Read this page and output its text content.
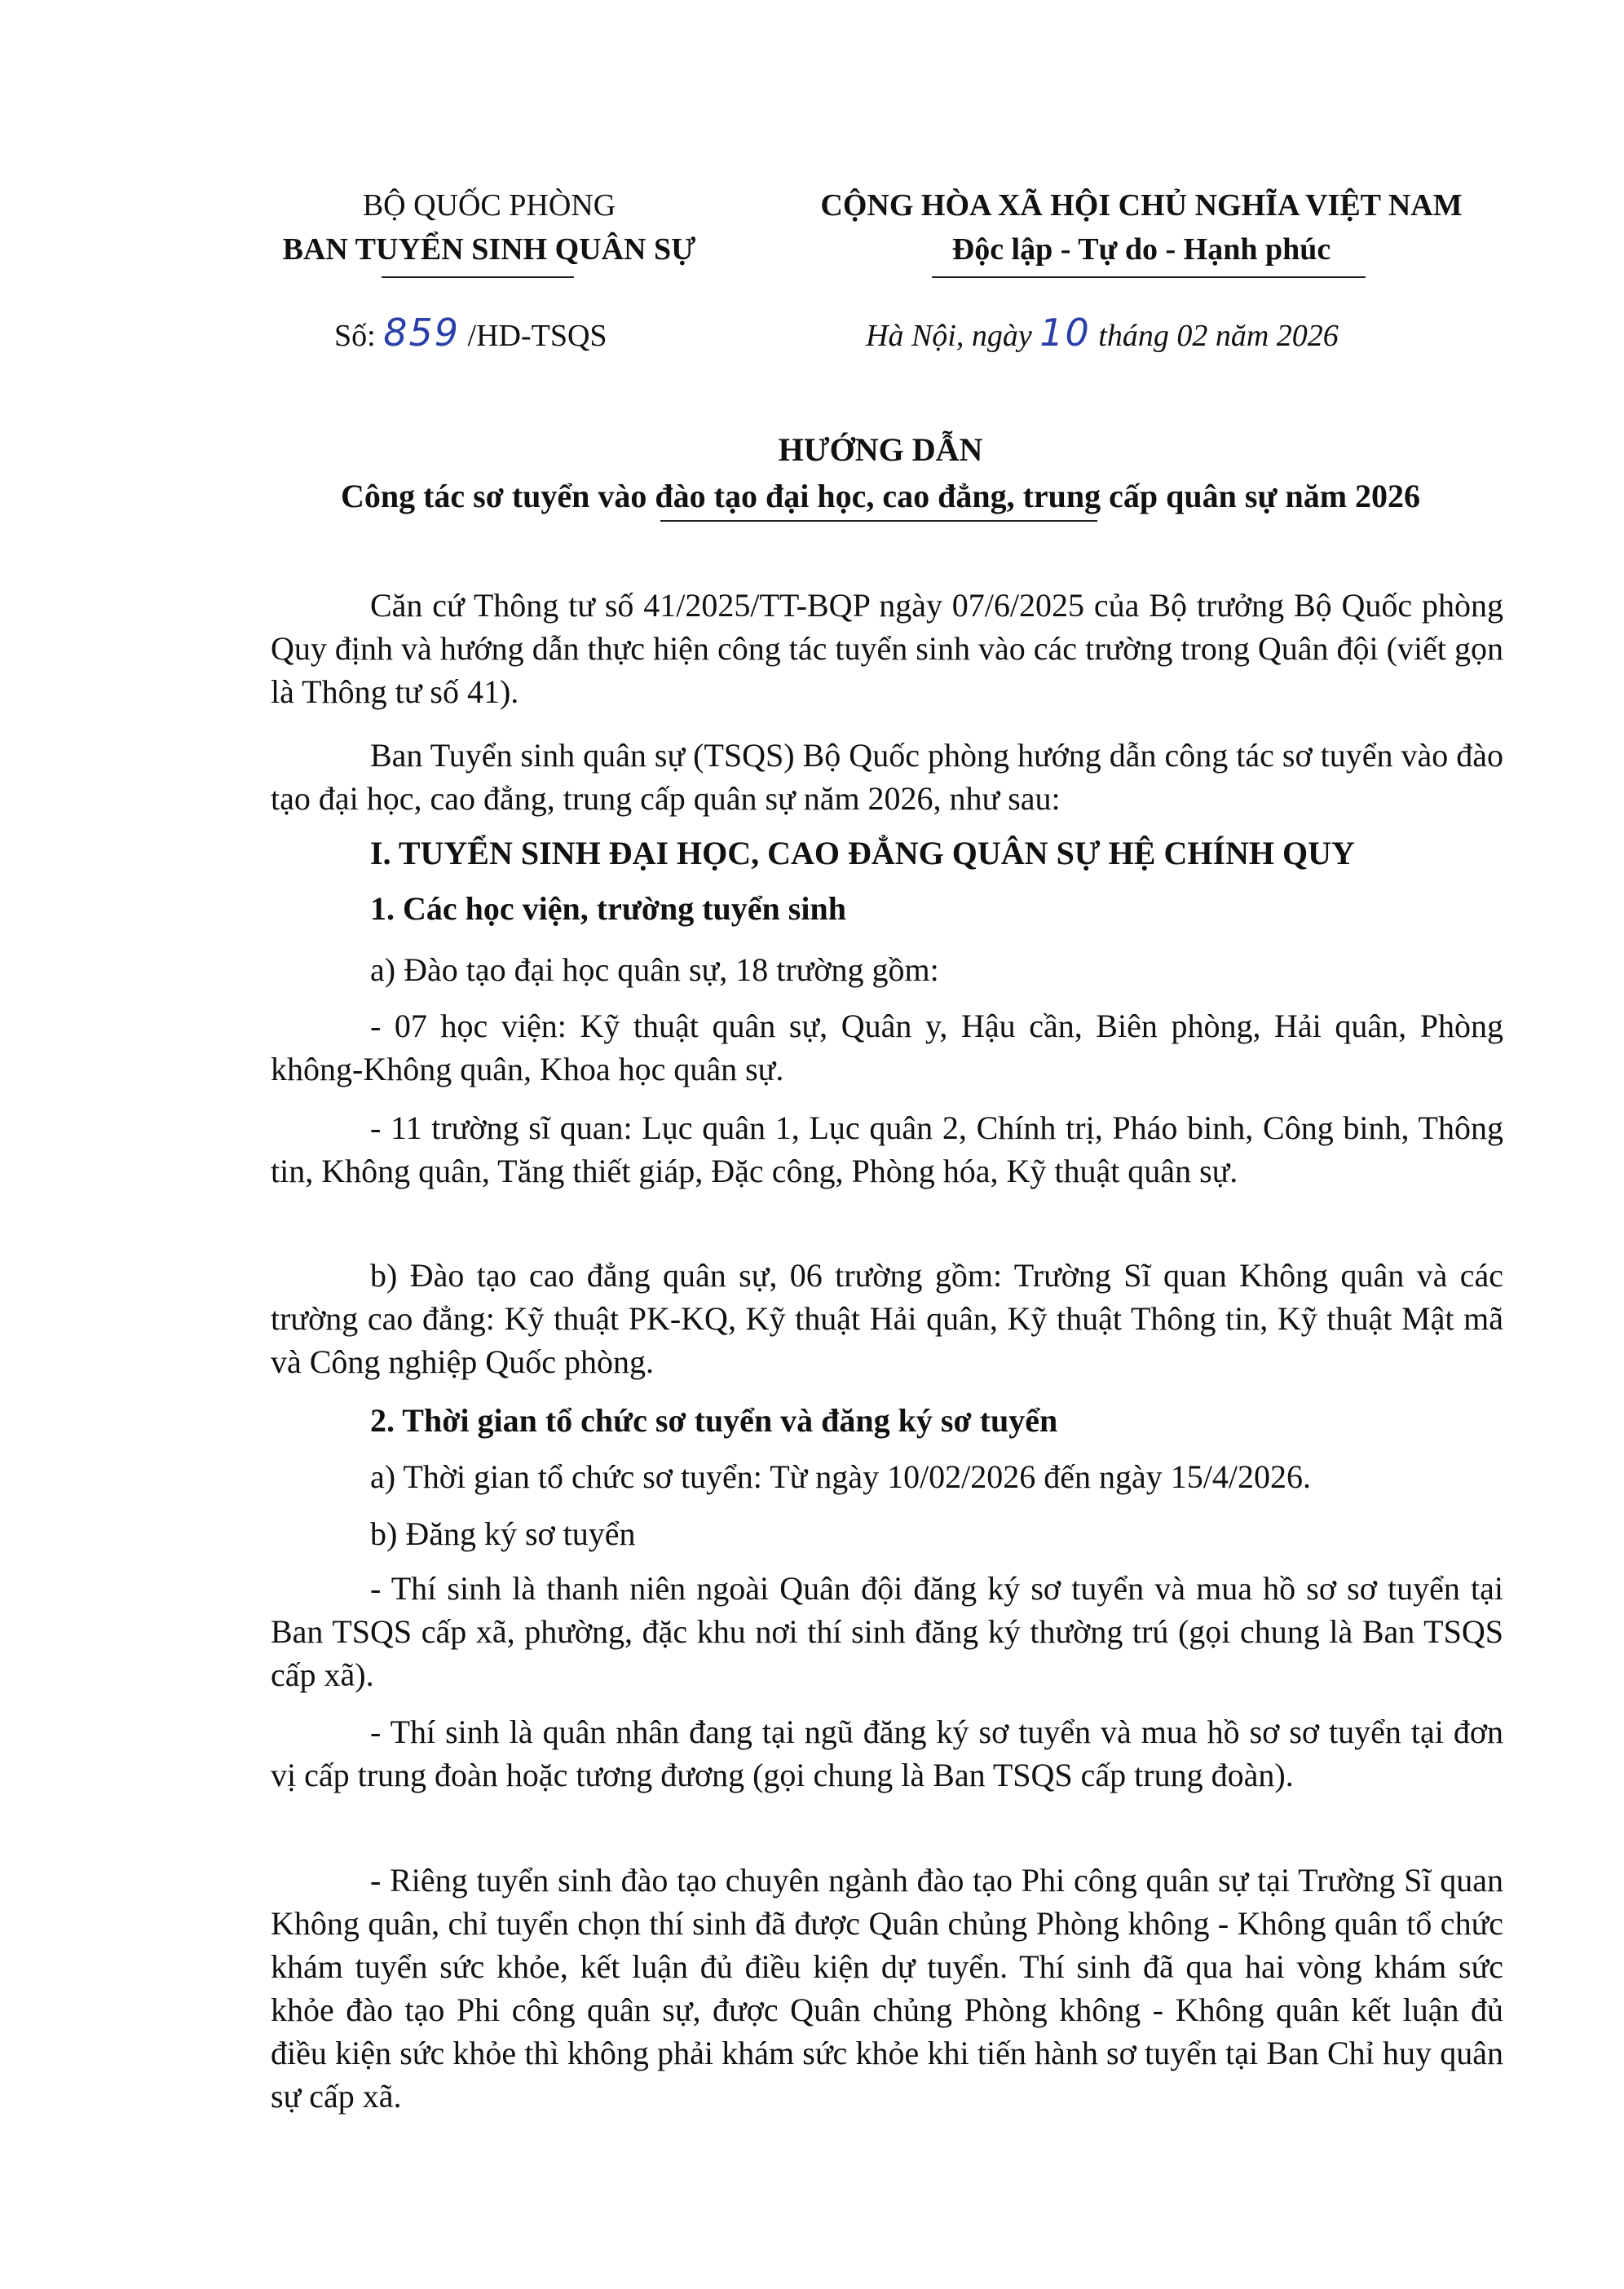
BỘ QUỐC PHÒNG
BAN TUYỂN SINH QUÂN SỰ
CỘNG HÒA XÃ HỘI CHỦ NGHĨA VIỆT NAM
Độc lập - Tự do - Hạnh phúc
Số: 859 /HD-TSQS	Hà Nội, ngày 10 tháng 02 năm 2026
HƯỚNG DẪN
Công tác sơ tuyển vào đào tạo đại học, cao đẳng, trung cấp quân sự năm 2026

Căn cứ Thông tư số 41/2025/TT-BQP ngày 07/6/2025 của Bộ trưởng Bộ Quốc phòng Quy định và hướng dẫn thực hiện công tác tuyển sinh vào các trường trong Quân đội (viết gọn là Thông tư số 41).

Ban Tuyển sinh quân sự (TSQS) Bộ Quốc phòng hướng dẫn công tác sơ tuyển vào đào tạo đại học, cao đẳng, trung cấp quân sự năm 2026, như sau:

I. TUYỂN SINH ĐẠI HỌC, CAO ĐẲNG QUÂN SỰ HỆ CHÍNH QUY

1. Các học viện, trường tuyển sinh

a) Đào tạo đại học quân sự, 18 trường gồm:

- 07 học viện: Kỹ thuật quân sự, Quân y, Hậu cần, Biên phòng, Hải quân, Phòng không-Không quân, Khoa học quân sự.

- 11 trường sĩ quan: Lục quân 1, Lục quân 2, Chính trị, Pháo binh, Công binh, Thông tin, Không quân, Tăng thiết giáp, Đặc công, Phòng hóa, Kỹ thuật quân sự.

b) Đào tạo cao đẳng quân sự, 06 trường gồm: Trường Sĩ quan Không quân và các trường cao đẳng: Kỹ thuật PK-KQ, Kỹ thuật Hải quân, Kỹ thuật Thông tin, Kỹ thuật Mật mã và Công nghiệp Quốc phòng.

2. Thời gian tổ chức sơ tuyển và đăng ký sơ tuyển

a) Thời gian tổ chức sơ tuyển: Từ ngày 10/02/2026 đến ngày 15/4/2026.

b) Đăng ký sơ tuyển

- Thí sinh là thanh niên ngoài Quân đội đăng ký sơ tuyển và mua hồ sơ sơ tuyển tại Ban TSQS cấp xã, phường, đặc khu nơi thí sinh đăng ký thường trú (gọi chung là Ban TSQS cấp xã).

- Thí sinh là quân nhân đang tại ngũ đăng ký sơ tuyển và mua hồ sơ sơ tuyển tại đơn vị cấp trung đoàn hoặc tương đương (gọi chung là Ban TSQS cấp trung đoàn).

- Riêng tuyển sinh đào tạo chuyên ngành đào tạo Phi công quân sự tại Trường Sĩ quan Không quân, chỉ tuyển chọn thí sinh đã được Quân chủng Phòng không - Không quân tổ chức khám tuyển sức khỏe, kết luận đủ điều kiện dự tuyển. Thí sinh đã qua hai vòng khám sức khỏe đào tạo Phi công quân sự, được Quân chủng Phòng không - Không quân kết luận đủ điều kiện sức khỏe thì không phải khám sức khỏe khi tiến hành sơ tuyển tại Ban Chỉ huy quân sự cấp xã.
